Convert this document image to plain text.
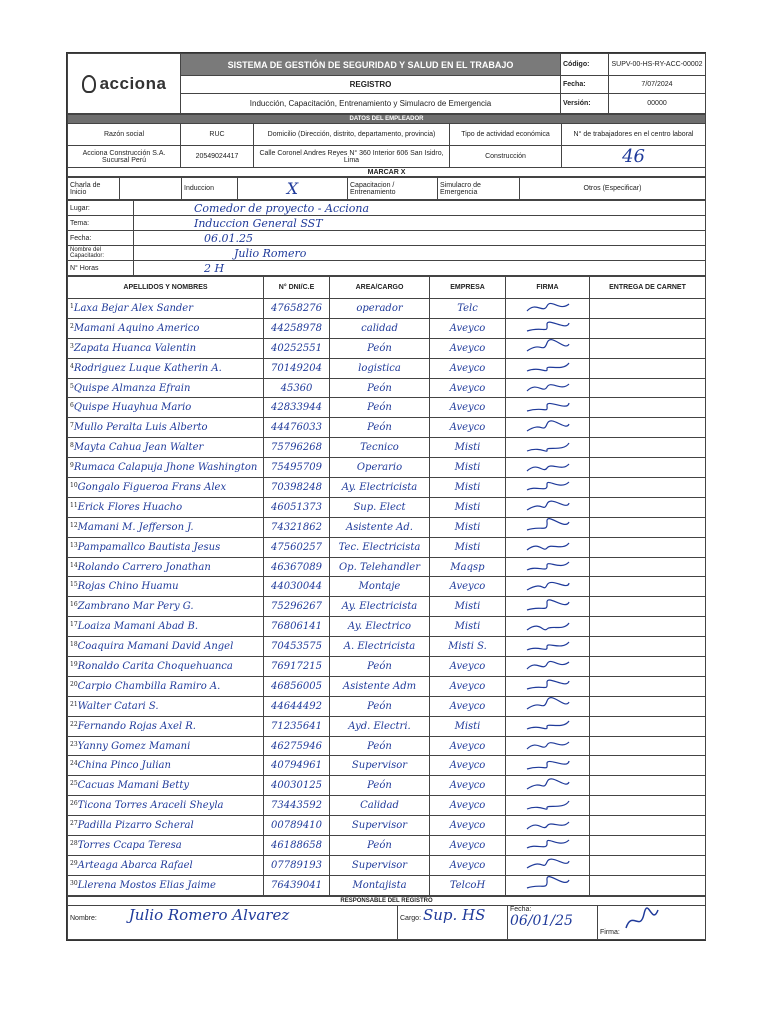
acciona	SISTEMA DE GESTIÓN DE SEGURIDAD Y SALUD EN EL TRABAJO	Código:	SUPV-00-HS-RY-ACC-00002
	REGISTRO	Fecha:	7/07/2024
	Inducción, Capacitación, Entrenamiento y Simulacro de Emergencia	Versión:	00000
DATOS DEL EMPLEADOR				
Razón social	RUC	Domicilio (Dirección, distrito, departamento, provincia)	Tipo de actividad económica	N° de trabajadores en el centro laboral
Acciona Construcción S.A. Sucursal Perú	20549024417	Calle Coronel Andres Reyes N° 360 Interior 606 San Isidro, Lima	Construcción	46
MARCAR X				
Charla de Inicio		Induccion	X	Capacitacion / Entrenamiento	Simulacro de Emergencia	Otros (Especificar)
Lugar:	Comedor de proyecto - Acciona
Tema:	Induccion General SST
Fecha:	06.01.25
Nombre del Capacitador:	Julio Romero
N° Horas	2 H
APELLIDOS Y NOMBRES	N° DNI/C.E	AREA/CARGO	EMPRESA	FIRMA	ENTREGA DE CARNET
$^1$Laxa Bejar Alex Sander	47658276	operador	Telc		
$^2$Mamani Aquino Americo	44258978	calidad	Aveyco		
$^3$Zapata Huanca Valentin	40252551	Peón	Aveyco		
$^4$Rodriguez Luque Katherin A.	70149204	logistica	Aveyco		
$^5$Quispe Almanza Efrain	45360	Peón	Aveyco		
$^6$Quispe Huayhua Mario	42833944	Peón	Aveyco		
$^7$Mullo Peralta Luis Alberto	44476033	Peón	Aveyco		
$^8$Mayta Cahua Jean Walter	75796268	Tecnico	Misti		
$^9$Rumaca Calapuja Jhone Washington	75495709	Operario	Misti		
$^{10}$Gongalo Figueroa Frans Alex	70398248	Ay. Electricista	Misti		
$^{11}$Erick Flores Huacho	46051373	Sup. Elect	Misti		
$^{12}$Mamani M. Jefferson J.	74321862	Asistente Ad.	Misti		
$^{13}$Pampamallco Bautista Jesus	47560257	Tec. Electricista	Misti		
$^{14}$Rolando Carrero Jonathan	46367089	Op. Telehandler	Maqsp		
$^{15}$Rojas Chino Huamu	44030044	Montaje	Aveyco		
$^{16}$Zambrano Mar Pery G.	75296267	Ay. Electricista	Misti		
$^{17}$Loaiza Mamani Abad B.	76806141	Ay. Electrico	Misti		
$^{18}$Coaquira Mamani David Angel	70453575	A. Electricista	Misti S.		
$^{19}$Ronaldo Carita Choquehuanca	76917215	Peón	Aveyco		
$^{20}$Carpio Chambilla Ramiro A.	46856005	Asistente Adm	Aveyco		
$^{21}$Walter Catari S.	44644492	Peón	Aveyco		
$^{22}$Fernando Rojas Axel R.	71235641	Ayd. Electri.	Misti		
$^{23}$Yanny Gomez Mamani	46275946	Peón	Aveyco		
$^{24}$China Pinco Julian	40794961	Supervisor	Aveyco		
$^{25}$Cacuas Mamani Betty	40030125	Peón	Aveyco		
$^{26}$Ticona Torres Araceli Sheyla	73443592	Calidad	Aveyco		
$^{27}$Padilla Pizarro Scheral	00789410	Supervisor	Aveyco		
$^{28}$Torres Ccapa Teresa	46188658	Peón	Aveyco		
$^{29}$Arteaga Abarca Rafael	07789193	Supervisor	Aveyco		
$^{30}$Llerena Mostos Elias Jaime	76439041	Montajista	TelcoH		
RESPONSABLE DEL REGISTRO
Nombre: Julio Romero Alvarez	Cargo: Sup. HS	Fecha: 06/01/25	Firma:
